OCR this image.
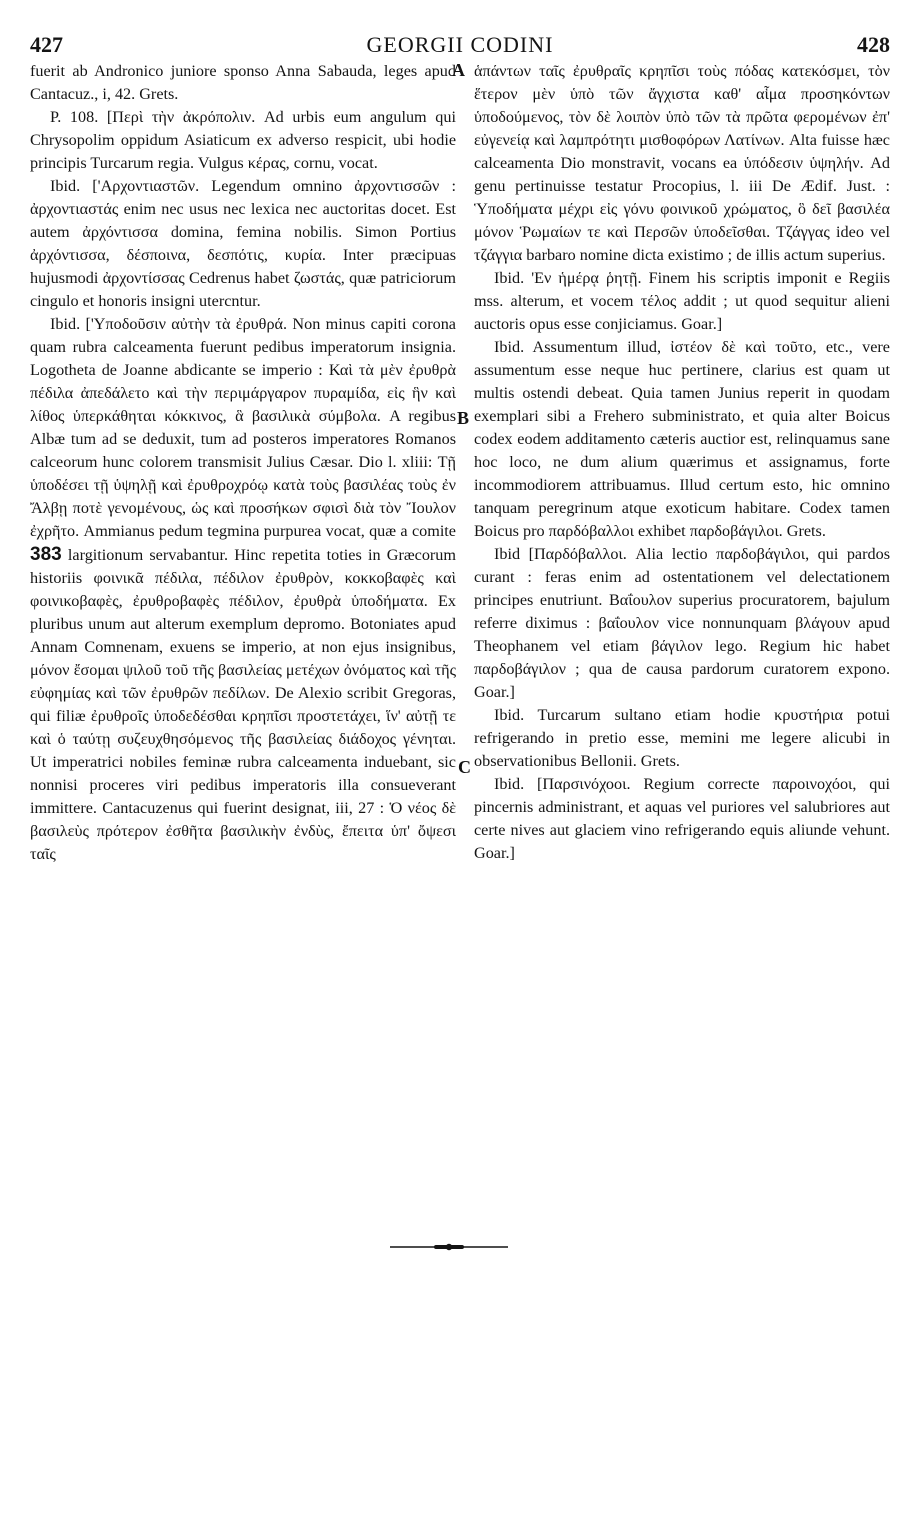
427	GEORGII CODINI	428

fuerit ab Andronico juniore sponso Anna Sabauda, leges apud Cantacuz., i, 42. Grets.

P. 108. [Περὶ τὴν ἀκρόπολιν. Ad urbis eum angulum qui Chrysopolim oppidum Asiaticum ex adverso respicit, ubi hodie principis Turcarum regia. Vulgus κέρας, cornu, vocat.

Ibid. ['Αρχοντιαστῶν. Legendum omnino ἀρχοντισσῶν : ἀρχοντιαστάς enim nec usus nec lexica nec auctoritas docet. Est autem ἀρχόντισσα domina, femina nobilis. Simon Portius ἀρχόντισσα, δέσποινα, δεσπότις, κυρία. Inter præcipuas hujusmodi ἀρχοντίσσας Cedrenus habet ζωστάς, quæ patriciorum cingulo et honoris insigni utercntur.

Ibid. ['Υποδοῦσιν αὐτὴν τὰ ἐρυθρά. Non minus capiti corona quam rubra calceamenta fuerunt pedibus imperatorum insignia. Logotheta de Joanne abdicante se imperio : Καὶ τὰ μὲν ἐρυθρὰ πέδιλα ἀπεδάλετο καὶ τὴν περιμάργαρον πυραμίδα, εἰς ἣν καὶ λίθος ὑπερκάθηται κόκκινος, ἃ βασιλικὰ σύμβολα. A regibus Albæ tum ad se deduxit, tum ad posteros imperatores Romanos calceorum hunc colorem transmisit Julius Cæsar. Dio l. xliii: Τῇ ὑποδέσει τῇ ὑψηλῇ καὶ ἐρυθροχρόῳ κατὰ τοὺς βασιλέας τοὺς ἐν Ἄλβῃ ποτὲ γενομένους, ὡς καὶ προσήκων σφισὶ διὰ τὸν Ἴουλον ἐχρῆτο. Ammianus pedum tegmina purpurea vocat, quæ a comite 383 largitionum servabantur. Hinc repetita toties in Græcorum historiis φοινικᾶ πέδιλα, πέδιλον ἐρυθρὸν, κοκκοβαφὲς καὶ φοινικοβαφὲς, ἐρυθροβαφὲς πέδιλον, ἐρυθρὰ ὑποδήματα. Ex pluribus unum aut alterum exemplum depromo. Botoniates apud Annam Comnenam, exuens se imperio, at non ejus insignibus, μόνον ἔσομαι ψιλοῦ τοῦ τῆς βασιλείας μετέχων ὀνόματος καὶ τῆς εὐφημίας καὶ τῶν ἐρυθρῶν πεδίλων. De Alexio scribit Gregoras, qui filiæ ἐρυθροῖς ὑποδεδέσθαι κρηπῖσι προστετάχει, ἵν' αὐτῇ τε καὶ ὁ ταύτῃ συζευχθησόμενος τῆς βασιλείας διάδοχος γένηται. Ut imperatrici nobiles feminæ rubra calceamenta induebant, sic nonnisi proceres viri pedibus imperatoris illa consueverant immittere. Cantacuzenus qui fuerint designat, iii, 27 : Ὁ νέος δὲ βασιλεὺς πρότερον ἐσθῆτα βασιλικὴν ἐνδὺς, ἔπειτα ὑπ' ὄψεσι ταῖς

A
B
C

ἁπάντων ταῖς ἐρυθραῖς κρηπῖσι τοὺς πόδας κατεκόσμει, τὸν ἕτερον μὲν ὑπὸ τῶν ἄγχιστα καθ' αἷμα προσηκόντων ὑποδούμενος, τὸν δὲ λοιπὸν ὑπὸ τῶν τὰ πρῶτα φερομένων ἐπ' εὐγενείᾳ καὶ λαμπρότητι μισθοφόρων Λατίνων. Alta fuisse hæc calceamenta Dio monstravit, vocans ea ὑπόδεσιν ὑψηλήν. Ad genu pertinuisse testatur Procopius, l. iii De Ædif. Just. : Ὑποδήματα μέχρι εἰς γόνυ φοινικοῦ χρώματος, ὃ δεῖ βασιλέα μόνον Ῥωμαίων τε καὶ Περσῶν ὑποδεῖσθαι. Τζάγγας ideo vel τζάγγια barbaro nomine dicta existimo ; de illis actum superius.

Ibid. 'Εν ἡμέρᾳ ῥητῇ. Finem his scriptis imponit e Regiis mss. alterum, et vocem τέλος addit ; ut quod sequitur alieni auctoris opus esse conjiciamus. Goar.]

Ibid. Assumentum illud, ἰστέον δὲ καὶ τοῦτο, etc., vere assumentum esse neque huc pertinere, clarius est quam ut multis ostendi debeat. Quia tamen Junius reperit in quodam exemplari sibi a Frehero subministrato, et quia alter Boicus codex eodem additamento cæteris auctior est, relinquamus sane hoc loco, ne dum alium quærimus et assignamus, forte incommodiorem attribuamus. Illud certum esto, hic omnino tanquam peregrinum atque exoticum habitare. Codex tamen Boicus pro παρδόβαλλοι exhibet παρδοβάγιλοι. Grets.

Ibid [Παρδόβαλλοι. Alia lectio παρδοβάγιλοι, qui pardos curant : feras enim ad ostentationem vel delectationem principes enutriunt. Βαΐουλον superius procuratorem, bajulum referre diximus : βαΐουλον vice nonnunquam βλάγουν apud Theophanem vel etiam βάγιλον lego. Regium hic habet παρδοβάγιλον ; qua de causa pardorum curatorem expono. Goar.]

Ibid. Turcarum sultano etiam hodie κρυστήρια potui refrigerando in pretio esse, memini me legere alicubi in observationibus Bellonii. Grets.

Ibid. [Παρσινόχοοι. Regium correcte παροινοχόοι, qui pincernis administrant, et aquas vel puriores vel salubriores aut certe nives aut glaciem vino refrigerando equis aliunde vehunt. Goar.]
